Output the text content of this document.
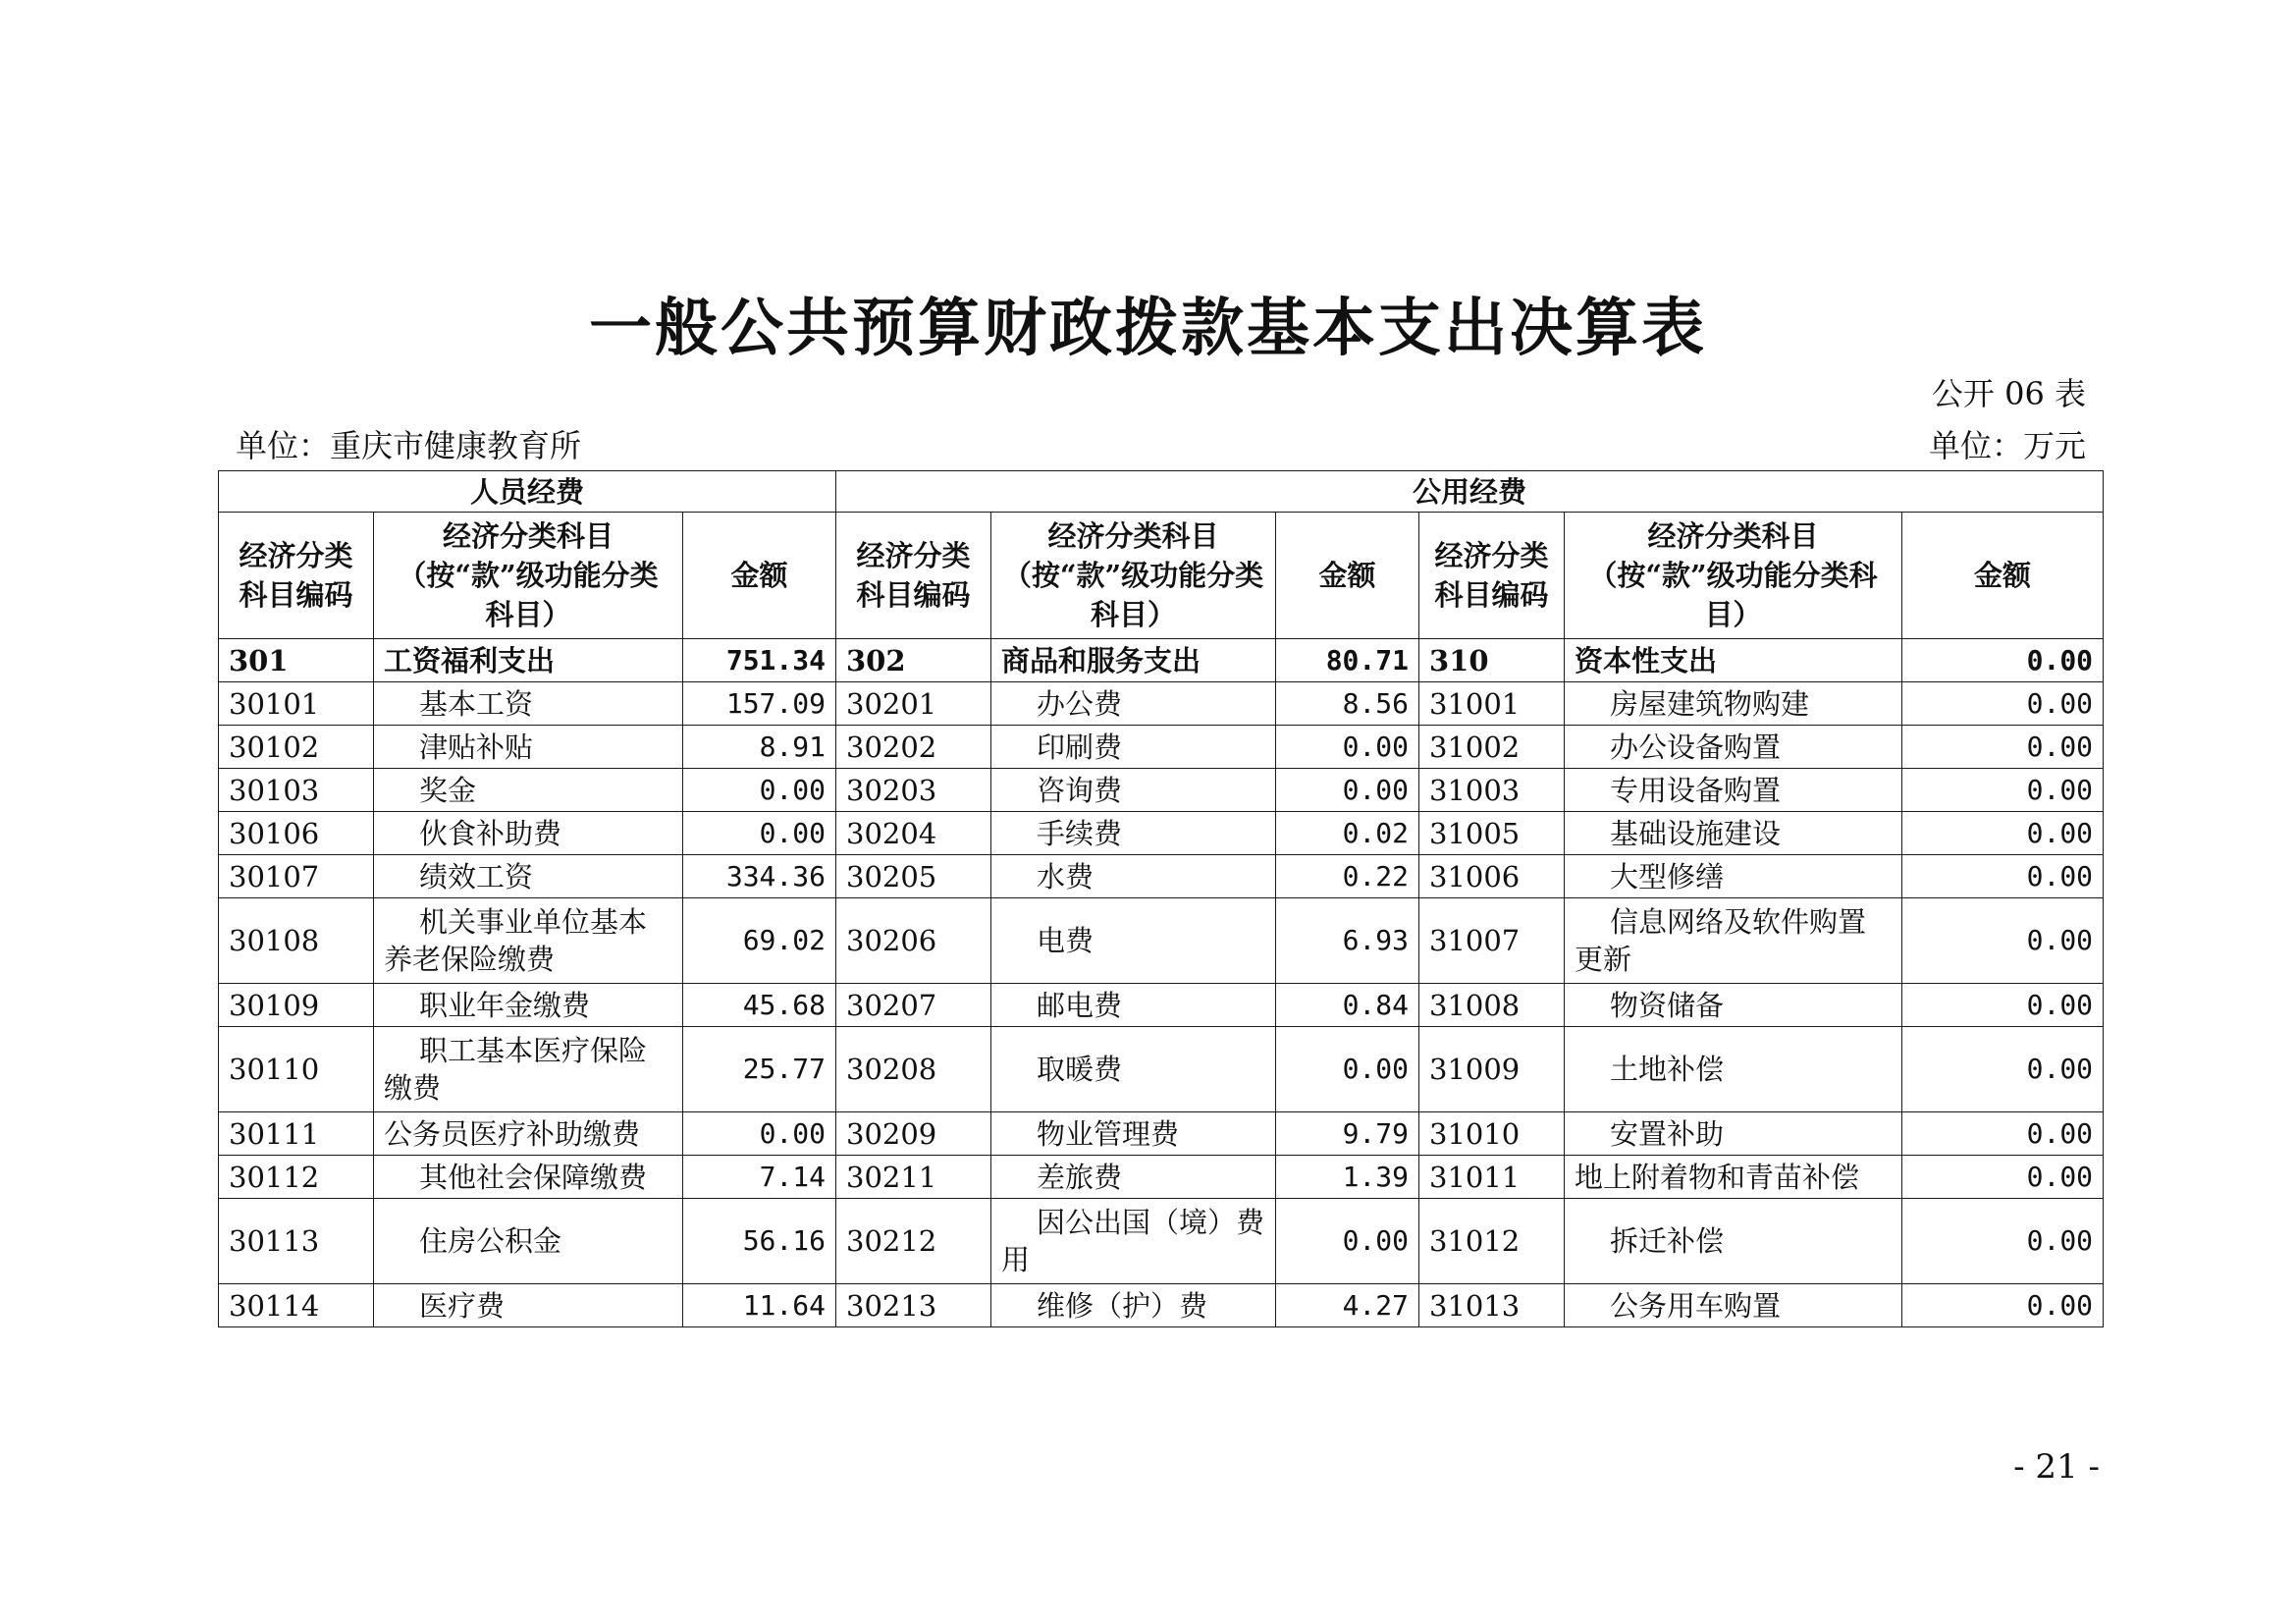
一般公共预算财政拨款基本支出决算表
公开 06 表
单位：重庆市健康教育所	单位：万元
人员经费			公用经费					
经济分类科目编码	经济分类科目（按“款”级功能分类科目）	金额	经济分类科目编码	经济分类科目（按“款”级功能分类科目）	金额	经济分类科目编码	经济分类科目（按“款”级功能分类科目）	金额
301	工资福利支出	751.34	302	商品和服务支出	80.71	310	资本性支出	0.00
30101	基本工资	157.09	30201	办公费	8.56	31001	房屋建筑物购建	0.00
30102	津贴补贴	8.91	30202	印刷费	0.00	31002	办公设备购置	0.00
30103	奖金	0.00	30203	咨询费	0.00	31003	专用设备购置	0.00
30106	伙食补助费	0.00	30204	手续费	0.02	31005	基础设施建设	0.00
30107	绩效工资	334.36	30205	水费	0.22	31006	大型修缮	0.00
30108	机关事业单位基本养老保险缴费	69.02	30206	电费	6.93	31007	信息网络及软件购置更新	0.00
30109	职业年金缴费	45.68	30207	邮电费	0.84	31008	物资储备	0.00
30110	职工基本医疗保险缴费	25.77	30208	取暖费	0.00	31009	土地补偿	0.00
30111	公务员医疗补助缴费	0.00	30209	物业管理费	9.79	31010	安置补助	0.00
30112	其他社会保障缴费	7.14	30211	差旅费	1.39	31011	地上附着物和青苗补偿	0.00
30113	住房公积金	56.16	30212	因公出国（境）费用	0.00	31012	拆迁补偿	0.00
30114	医疗费	11.64	30213	维修（护）费	4.27	31013	公务用车购置	0.00
- 21 -
